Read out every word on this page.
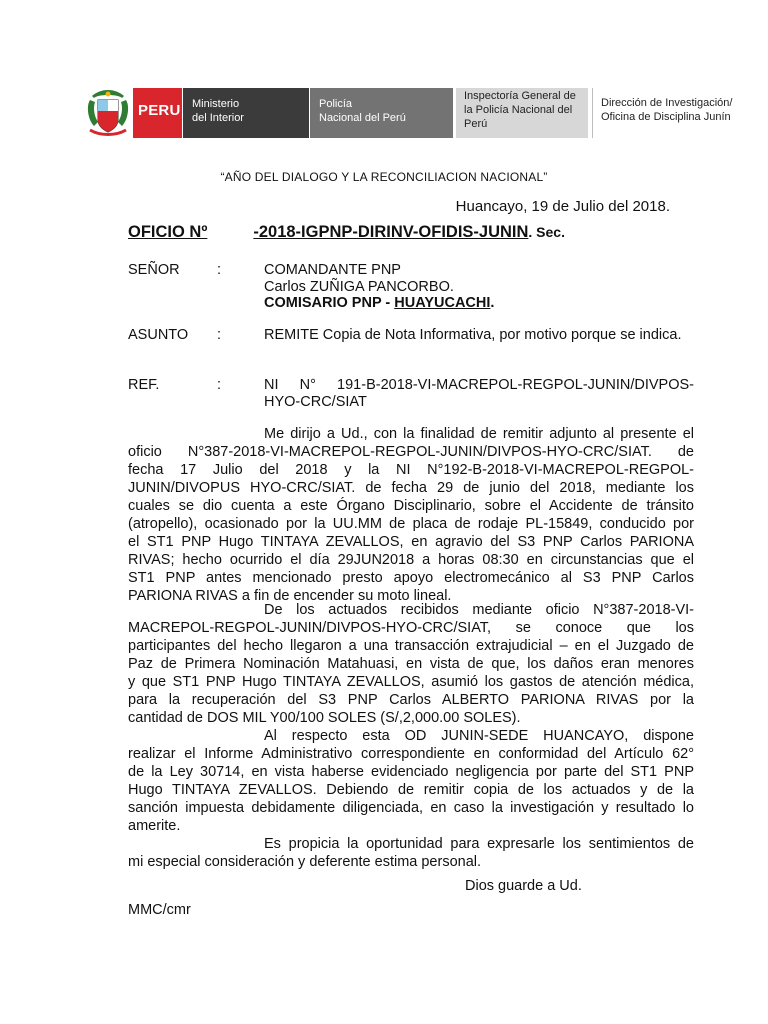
PERU Ministerio
del Interior
Policía
Nacional del Perú
Inspectoría General de
la Policía Nacional del
Perú
Dirección de Investigación/
Oficina de Disciplina Junín
“AÑO DEL DIALOGO Y LA RECONCILIACION NACIONAL”
Huancayo, 19 de Julio del 2018.
OFICIO Nº	-2018-IGPNP-DIRINV-OFIDIS-JUNIN. Sec.
SEÑOR	:	COMANDANTE PNP
Carlos ZUÑIGA PANCORBO.
COMISARIO PNP - HUAYUCACHI.
ASUNTO :	REMITE Copia de Nota Informativa, por motivo porque se indica.
REF.	:	NI N° 191-B-2018-VI-MACREPOL-REGPOL-JUNIN/DIVPOS-HYO-CRC/SIAT
Me dirijo a Ud., con la finalidad de remitir adjunto al presente el
oficio N°387-2018-VI-MACREPOL-REGPOL-JUNIN/DIVPOS-HYO-CRC/SIAT. de
fecha 17 Julio del 2018 y la NI N°192-B-2018-VI-MACREPOL-REGPOL-
JUNIN/DIVOPUS HYO-CRC/SIAT. de fecha 29 de junio del 2018, mediante los
cuales se dio cuenta a este Órgano Disciplinario, sobre el Accidente de tránsito
(atropello), ocasionado por la UU.MM de placa de rodaje PL-15849, conducido por
el ST1 PNP Hugo TINTAYA ZEVALLOS, en agravio del S3 PNP Carlos PARIONA
RIVAS; hecho ocurrido el día 29JUN2018 a horas 08:30 en circunstancias que el
ST1 PNP antes mencionado presto apoyo electromecánico al S3 PNP Carlos
PARIONA RIVAS a fin de encender su moto lineal.
De los actuados recibidos mediante oficio N°387-2018-VI-
MACREPOL-REGPOL-JUNIN/DIVPOS-HYO-CRC/SIAT, se conoce que los
participantes del hecho llegaron a una transacción extrajudicial – en el Juzgado de
Paz de Primera Nominación Matahuasi, en vista de que, los daños eran menores
y que ST1 PNP Hugo TINTAYA ZEVALLOS, asumió los gastos de atención médica,
para la recuperación del S3 PNP Carlos ALBERTO PARIONA RIVAS por la
cantidad de DOS MIL Y00/100 SOLES (S/,2,000.00 SOLES).
Al respecto esta OD JUNIN-SEDE HUANCAYO, dispone
realizar el Informe Administrativo correspondiente en conformidad del Artículo 62°
de la Ley 30714, en vista haberse evidenciado negligencia por parte del ST1 PNP
Hugo TINTAYA ZEVALLOS. Debiendo de remitir copia de los actuados y de la
sanción impuesta debidamente diligenciada, en caso la investigación y resultado lo
amerite.
Es propicia la oportunidad para expresarle los sentimientos de
mi especial consideración y deferente estima personal.
Dios guarde a Ud.
MMC/cmr
